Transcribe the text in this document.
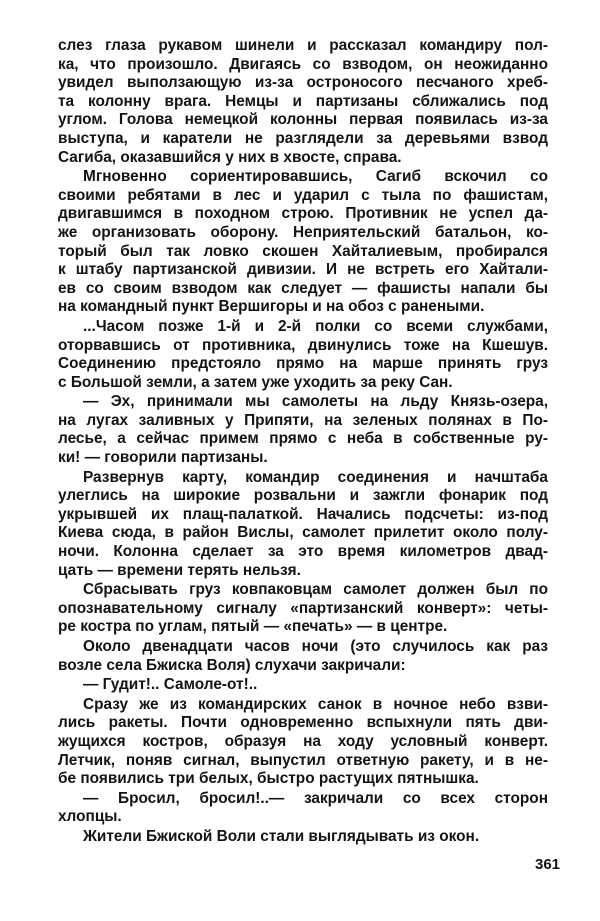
слез глаза рукавом шинели и рассказал командиру пол-
ка, что произошло. Двигаясь со взводом, он неожиданно
увидел выползающую из-за остроносого песчаного хреб-
та колонну врага. Немцы и партизаны сближались под
углом. Голова немецкой колонны первая появилась из-за
выступа, и каратели не разглядели за деревьями взвод
Сагиба, оказавшийся у них в хвосте, справа.
Мгновенно сориентировавшись, Сагиб вскочил со
своими ребятами в лес и ударил с тыла по фашистам,
двигавшимся в походном строю. Противник не успел да-
же организовать оборону. Неприятельский батальон, ко-
торый был так ловко скошен Хайталиевым, пробирался
к штабу партизанской дивизии. И не встреть его Хайтали-
ев со своим взводом как следует — фашисты напали бы
на командный пункт Вершигоры и на обоз с ранеными.
...Часом позже 1-й и 2-й полки со всеми службами,
оторвавшись от противника, двинулись тоже на Кшешув.
Соединению предстояло прямо на марше принять груз
с Большой земли, а затем уже уходить за реку Сан.
— Эх, принимали мы самолеты на льду Князь-озера,
на лугах заливных у Припяти, на зеленых полянах в По-
лесье, а сейчас примем прямо с неба в собственные ру-
ки! — говорили партизаны.
Развернув карту, командир соединения и начштаба
улеглись на широкие розвальни и зажгли фонарик под
укрывшей их плащ-палаткой. Начались подсчеты: из-под
Киева сюда, в район Вислы, самолет прилетит около полу-
ночи. Колонна сделает за это время километров двад-
цать — времени терять нельзя.
Сбрасывать груз ковпаковцам самолет должен был по
опознавательному сигналу «партизанский конверт»: четы-
ре костра по углам, пятый — «печать» — в центре.
Около двенадцати часов ночи (это случилось как раз
возле села Бжиска Воля) слухачи закричали:
— Гудит!.. Самоле-от!..
Сразу же из командирских санок в ночное небо взви-
лись ракеты. Почти одновременно вспыхнули пять дви-
жущихся костров, образуя на ходу условный конверт.
Летчик, поняв сигнал, выпустил ответную ракету, и в не-
бе появились три белых, быстро растущих пятнышка.
— Бросил, бросил!..— закричали со всех сторон
хлопцы.
Жители Бжиской Воли стали выглядывать из окон.
361
